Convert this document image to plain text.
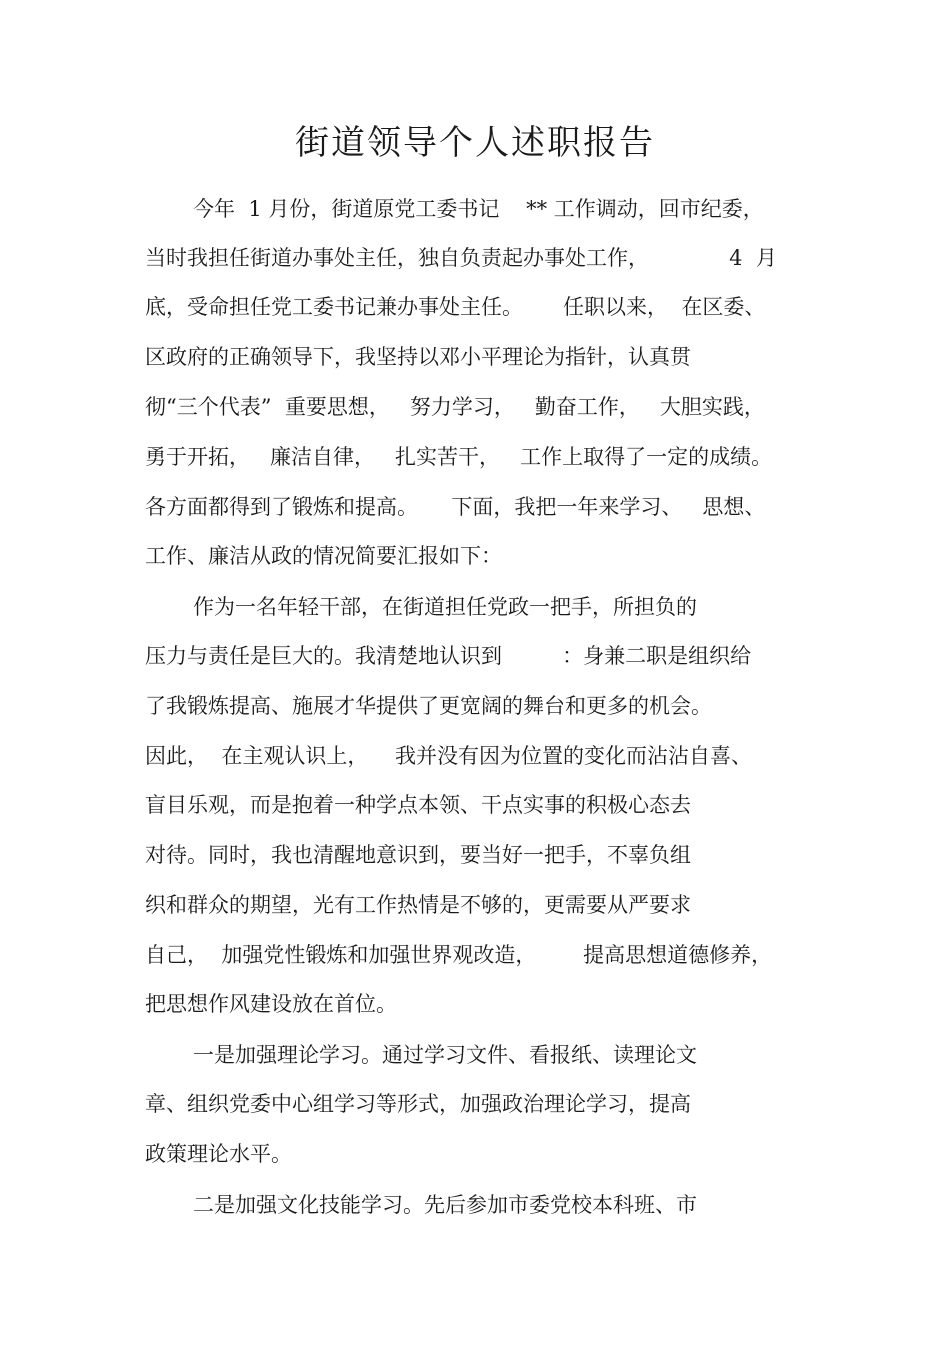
街道领导个人述职报告
今年  1 月份，街道原党工委书记    ** 工作调动，回市纪委，
当时我担任街道办事处主任，独自负责起办事处工作，            4  月
底，受命担任党工委书记兼办事处主任。      任职以来，  在区委、
区政府的正确领导下，我坚持以邓小平理论为指针，认真贯
彻“三个代表”  重要思想，   努力学习，   勤奋工作，   大胆实践，
勇于开拓，   廉洁自律，   扎实苦干，   工作上取得了一定的成绩。
各方面都得到了锻炼和提高。     下面，我把一年来学习、   思想、
工作、廉洁从政的情况简要汇报如下：
作为一名年轻干部，在街道担任党政一把手，所担负的
压力与责任是巨大的。我清楚地认识到         ：身兼二职是组织给
了我锻炼提高、施展才华提供了更宽阔的舞台和更多的机会。
因此，  在主观认识上，    我并没有因为位置的变化而沾沾自喜、
盲目乐观，而是抱着一种学点本领、干点实事的积极心态去
对待。同时，我也清醒地意识到，要当好一把手，不辜负组
织和群众的期望，光有工作热情是不够的，更需要从严要求
自己，  加强党性锻炼和加强世界观改造，       提高思想道德修养，
把思想作风建设放在首位。
一是加强理论学习。通过学习文件、看报纸、读理论文
章、组织党委中心组学习等形式，加强政治理论学习，提高
政策理论水平。
二是加强文化技能学习。先后参加市委党校本科班、市
